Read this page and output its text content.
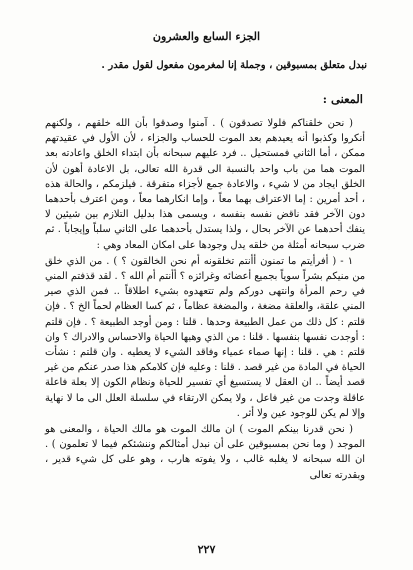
الجزء السابع والعشرون
نبدل متعلق بمسبوقين ، وجملة إنا لمغرمون مفعول لقول مقدر .
المعنى :

( نحن خلقناكم فلولا تصدقون ) . آمنوا وصدقوا بأن الله خلقهم ، ولكنهم أنكروا وكذبوا أنه يعيدهم بعد الموت للحساب والجزاء ، لأن الأول في عقيدتهم ممكن ، أما الثاني فمستحيل .. فرد عليهم سبحانه بأن ابتداء الخلق واعادته بعد الموت هما من باب واحد بالنسبة الى قدرة الله تعالى، بل الاعادة أهون لأن الخلق ايجاد من لا شيء ، والاعادة جمع لأجزاء متفرقة . فيلزمكم ، والحالة هذه ، أحد أمرين : إما الاعتراف بهما معاً ، وإما انكارهما معاً ، ومن اعترف بأحدهما دون الآخر فقد ناقض نفسه بنفسه ، ويسمى هذا بدليل التلازم بين شيئين لا ينفك أحدهما عن الآخر بحال ، ولذا يستدل بأحدهما على الثاني سلباً وإيجاباً . ثم ضرب سبحانه أمثلة من خلقه يدل وجودها على امكان المعاد وهي :

١ - ( أفرأيتم ما تمنون أأنتم تخلقونه أم نحن الخالقون ؟ ) . من الذي خلق من منيكم بشراً سوياً بجميع أعضائه وغرائزه ؟ أأنتم أم الله ؟ . لقد قذفتم المني في رحم المرأة وانتهى دوركم ولم تتعهدوه بشيء اطلاقاً .. فمن الذي صير المني علقة، والعلقة مضغة ، والمضغة عظاماً ، ثم كسا العظام لحماً الخ ؟ . فإن قلتم : كل ذلك من عمل الطبيعة وحدها . قلنا : ومن أوجد الطبيعة ؟ . فإن قلتم : أوجدت نفسها بنفسها . قلنا : من الذي وهبها الحياة والاحساس والادراك ؟ وان قلتم : هي . قلنا : إنها صماء عمياء وفاقد الشيء لا يعطيه . وان قلتم : نشأت الحياة في المادة من غير قصد . قلنا : وعليه فإن كلامكم هذا صدر عنكم من غير قصد أيضاً .. ان العقل لا يستسيغ أي تفسير للحياة ونظام الكون إلا بعلة فاعلة عاقلة وجدت من غير فاعل ، ولا يمكن الارتقاء في سلسلة العلل الى ما لا نهاية وإلا لم يكن للوجود عين ولا أثر .

( نحن قدرنا بينكم الموت ) ان مالك الموت هو مالك الحياة ، والمعنى هو الموجد ( وما نحن بمسبوقين على أن نبدل أمثالكم وننشئكم فيما لا تعلمون ) . ان الله سبحانه لا يغلبه غالب ، ولا يفوته هارب ، وهو على كل شيء قدير ، وبقدرته تعالى

٢٢٧
